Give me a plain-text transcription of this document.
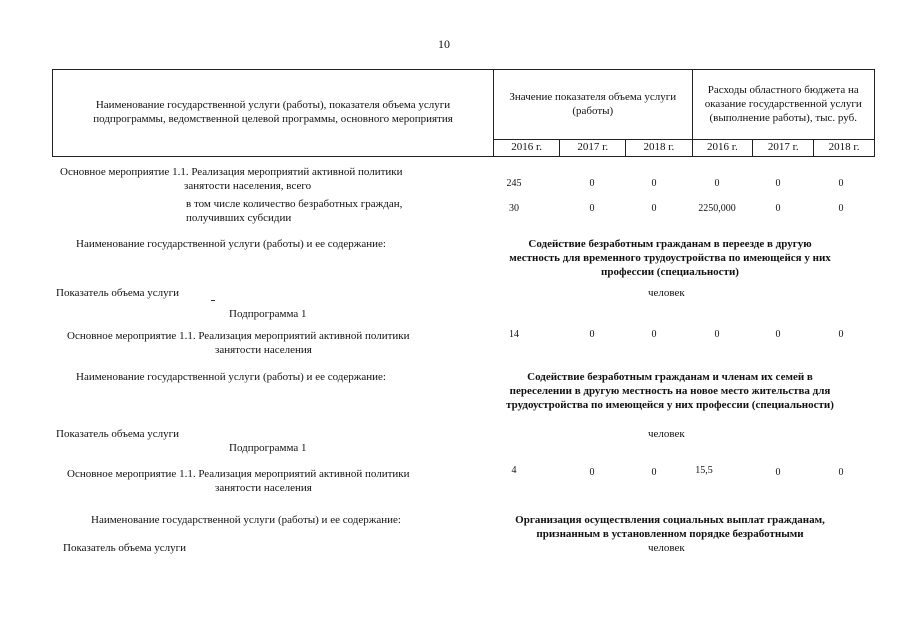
10
Наименование государственной услуги (работы), показателя объема услуги подпрограммы, ведомственной целевой программы, основного мероприятия	Значение показателя объема услуги (работы)			Расходы областного бюджета на оказание государственной услуги (выполнение работы), тыс. руб.		
	2016 г.	2017 г.	2018 г.	2016 г.	2017 г.	2018 г.
Основное мероприятие 1.1. Реализация мероприятий активной политики
занятости населения, всего	245	0	0	0	0	0
в том числе количество безработных граждан,
получивших субсидии
30	0	0	2250,000	0	0
Наименование государственной услуги (работы) и ее содержание:	Содействие безработным гражданам в переезде в другую
местность для временного трудоустройства по имеющейся у них
профессии (специальности)
Показатель объема услуги	человек
Подпрограмма 1
Основное мероприятие 1.1. Реализация мероприятий активной политики
занятости населения
14	0	0	0	0	0
Наименование государственной услуги (работы) и ее содержание:	Содействие безработным гражданам и членам их семей в
переселении в другую местность на новое место жительства для
трудоустройства по имеющейся у них профессии (специальности)
Показатель объема услуги	человек
Подпрограмма 1
Основное мероприятие 1.1. Реализация мероприятий активной политики
занятости населения
4	0	0	15,5	0	0
Наименование государственной услуги (работы) и ее содержание:	Организация осуществления социальных выплат гражданам,
признанным в установленном порядке безработными
Показатель объема услуги	человек
